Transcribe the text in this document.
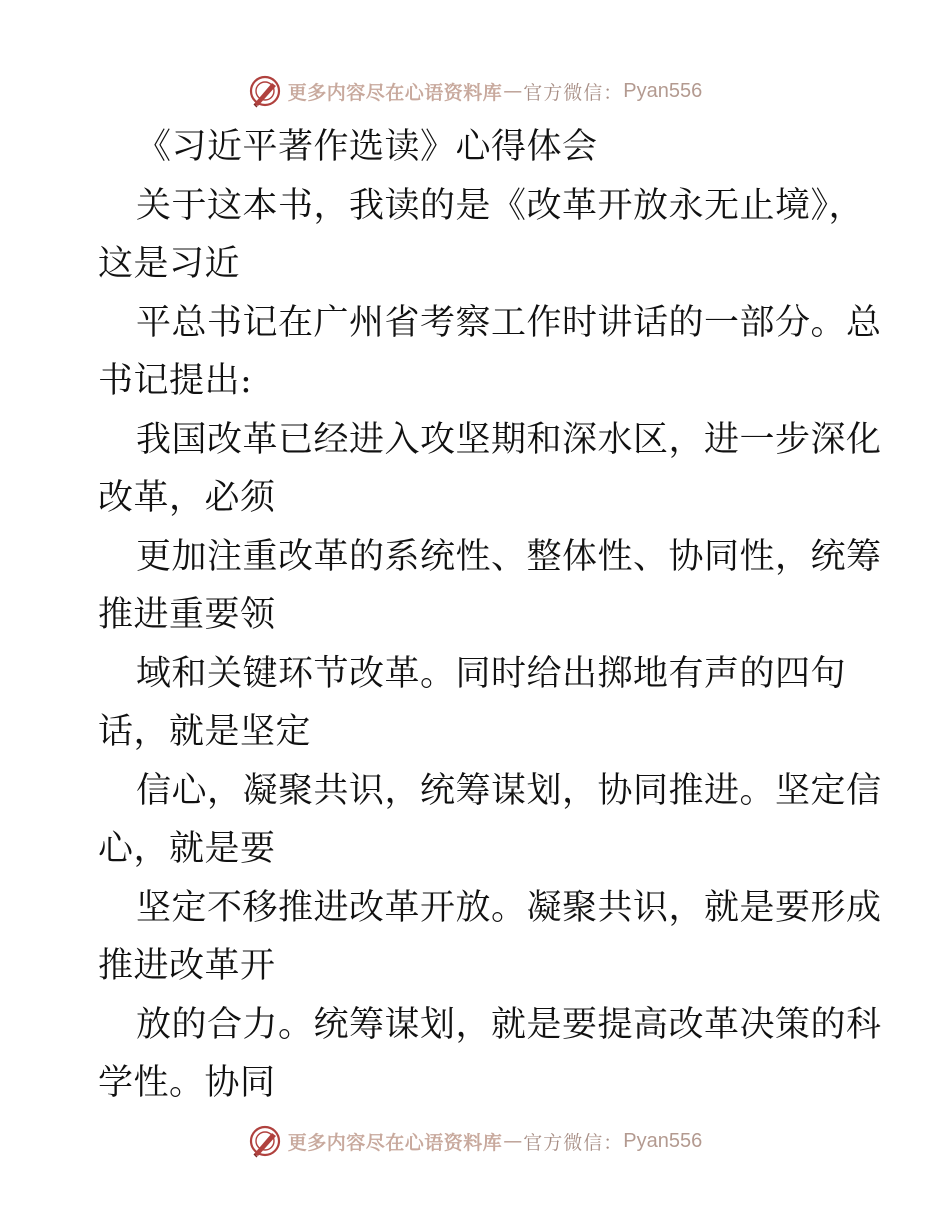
更多内容尽在心语资料库 — 官方微信： Pyan556
《习近平著作选读》心得体会
关于这本书，我读的是《改革开放永无止境》，
这是习近
平总书记在广州省考察工作时讲话的一部分。总
书记提出:
我国改革已经进入攻坚期和深水区，进一步深化
改革，必须
更加注重改革的系统性、整体性、协同性，统筹
推进重要领
域和关键环节改革。同时给出掷地有声的四句
话，就是坚定
信心，凝聚共识，统筹谋划，协同推进。坚定信
心，就是要
坚定不移推进改革开放。凝聚共识，就是要形成
推进改革开
放的合力。统筹谋划，就是要提高改革决策的科
学性。协同
更多内容尽在心语资料库 — 官方微信： Pyan556
